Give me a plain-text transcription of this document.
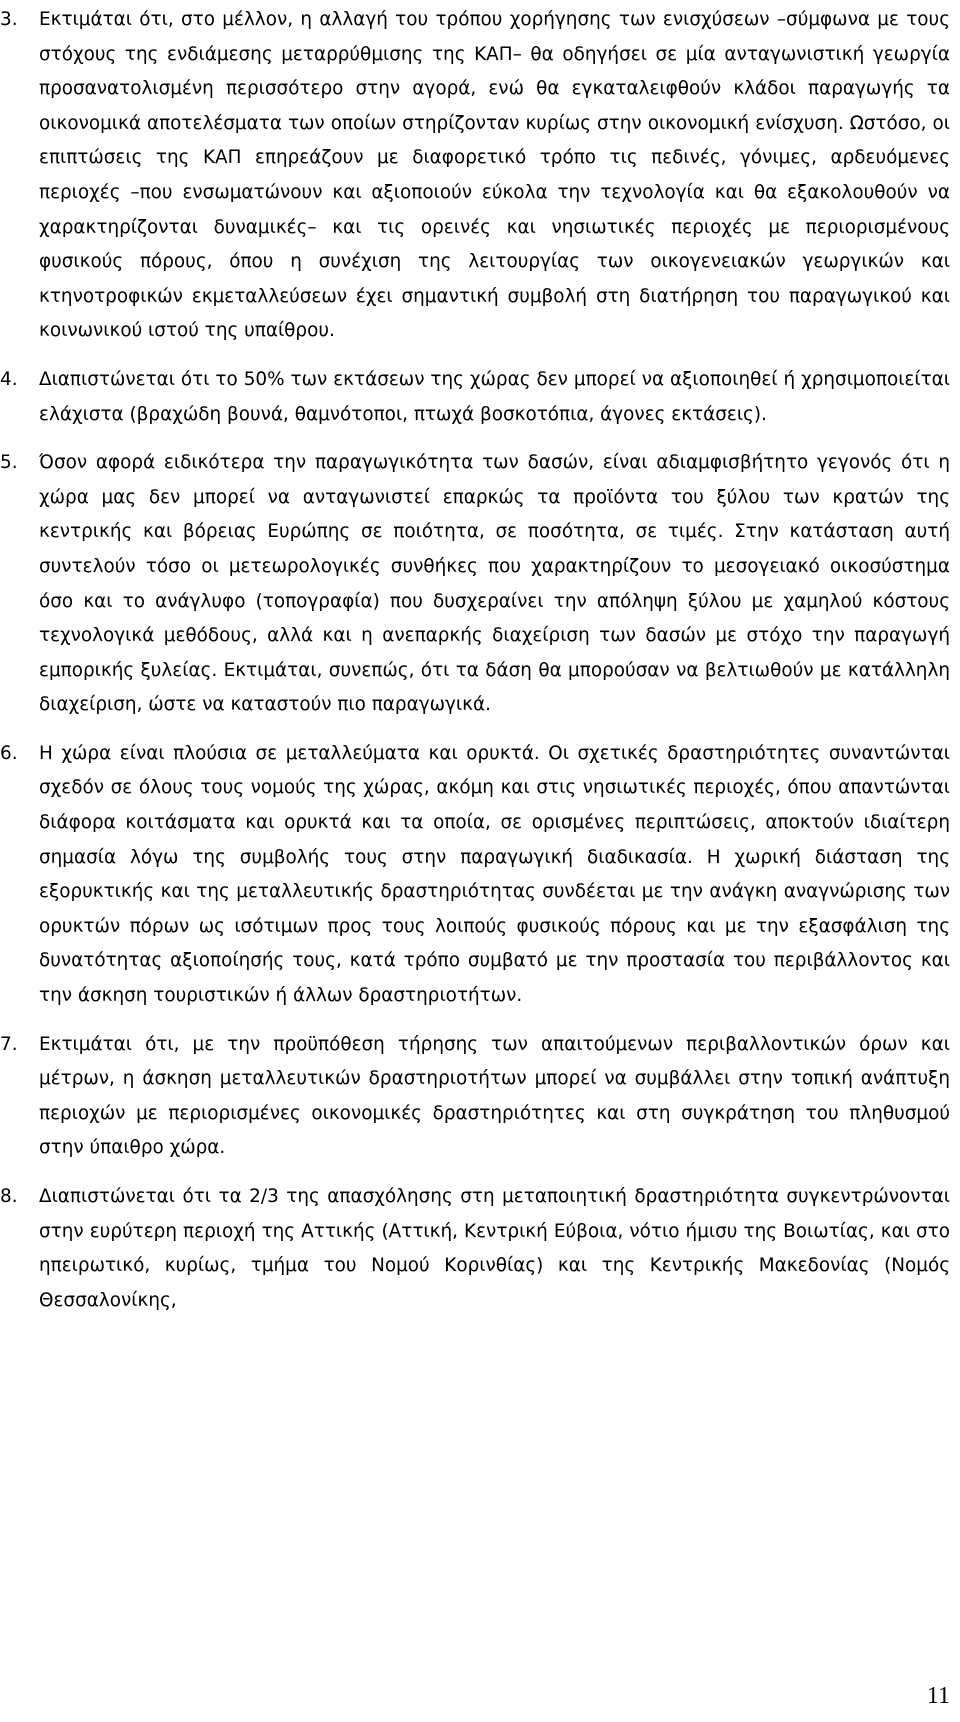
3.	Εκτιμάται ότι, στο μέλλον, η αλλαγή του τρόπου χορήγησης των ενισχύσεων –σύμφωνα με τους στόχους της ενδιάμεσης μεταρρύθμισης της ΚΑΠ– θα οδηγήσει σε μία ανταγωνιστική γεωργία προσανατολισμένη περισσότερο στην αγορά, ενώ θα εγκαταλειφθούν κλάδοι παραγωγής τα οικονομικά αποτελέσματα των οποίων στηρίζονταν κυρίως στην οικονομική ενίσχυση. Ωστόσο, οι επιπτώσεις της ΚΑΠ επηρεάζουν με διαφορετικό τρόπο τις πεδινές, γόνιμες, αρδευόμενες περιοχές –που ενσωματώνουν και αξιοποιούν εύκολα την τεχνολογία και θα εξακολουθούν να χαρακτηρίζονται δυναμικές– και τις ορεινές και νησιωτικές περιοχές με περιορισμένους φυσικούς πόρους, όπου η συνέχιση της λειτουργίας των οικογενειακών γεωργικών και κτηνοτροφικών εκμεταλλεύσεων έχει σημαντική συμβολή στη διατήρηση του παραγωγικού και κοινωνικού ιστού της υπαίθρου.
4.	Διαπιστώνεται ότι το 50% των εκτάσεων της χώρας δεν μπορεί να αξιοποιηθεί ή χρησιμοποιείται ελάχιστα (βραχώδη βουνά, θαμνότοποι, πτωχά βοσκοτόπια, άγονες εκτάσεις).
5.	Όσον αφορά ειδικότερα την παραγωγικότητα των δασών, είναι αδιαμφισβήτητο γεγονός ότι η χώρα μας δεν μπορεί να ανταγωνιστεί επαρκώς τα προϊόντα του ξύλου των κρατών της κεντρικής και βόρειας Ευρώπης σε ποιότητα, σε ποσότητα, σε τιμές. Στην κατάσταση αυτή συντελούν τόσο οι μετεωρολογικές συνθήκες που χαρακτηρίζουν το μεσογειακό οικοσύστημα όσο και το ανάγλυφο (τοπογραφία) που δυσχεραίνει την απόληψη ξύλου με χαμηλού κόστους τεχνολογικά μεθόδους, αλλά και η ανεπαρκής διαχείριση των δασών με στόχο την παραγωγή εμπορικής ξυλείας. Εκτιμάται, συνεπώς, ότι τα δάση θα μπορούσαν να βελτιωθούν με κατάλληλη διαχείριση, ώστε να καταστούν πιο παραγωγικά.
6.	Η χώρα είναι πλούσια σε μεταλλεύματα και ορυκτά. Οι σχετικές δραστηριότητες συναντώνται σχεδόν σε όλους τους νομούς της χώρας, ακόμη και στις νησιωτικές περιοχές, όπου απαντώνται διάφορα κοιτάσματα και ορυκτά και τα οποία, σε ορισμένες περιπτώσεις, αποκτούν ιδιαίτερη σημασία λόγω της συμβολής τους στην παραγωγική διαδικασία. Η χωρική διάσταση της εξορυκτικής και της μεταλλευτικής δραστηριότητας συνδέεται με την ανάγκη αναγνώρισης των ορυκτών πόρων ως ισότιμων προς τους λοιπούς φυσικούς πόρους και με την εξασφάλιση της δυνατότητας αξιοποίησής τους, κατά τρόπο συμβατό με την προστασία του περιβάλλοντος και την άσκηση τουριστικών ή άλλων δραστηριοτήτων.
7.	Εκτιμάται ότι, με την προϋπόθεση τήρησης των απαιτούμενων περιβαλλοντικών όρων και μέτρων, η άσκηση μεταλλευτικών δραστηριοτήτων μπορεί να συμβάλλει στην τοπική ανάπτυξη περιοχών με περιορισμένες οικονομικές δραστηριότητες και στη συγκράτηση του πληθυσμού στην ύπαιθρο χώρα.
8.	Διαπιστώνεται ότι τα 2/3 της απασχόλησης στη μεταποιητική δραστηριότητα συγκεντρώνονται στην ευρύτερη περιοχή της Αττικής (Αττική, Κεντρική Εύβοια, νότιο ήμισυ της Βοιωτίας, και στο ηπειρωτικό, κυρίως, τμήμα του Νομού Κορινθίας) και της Κεντρικής Μακεδονίας (Νομός Θεσσαλονίκης,
11
